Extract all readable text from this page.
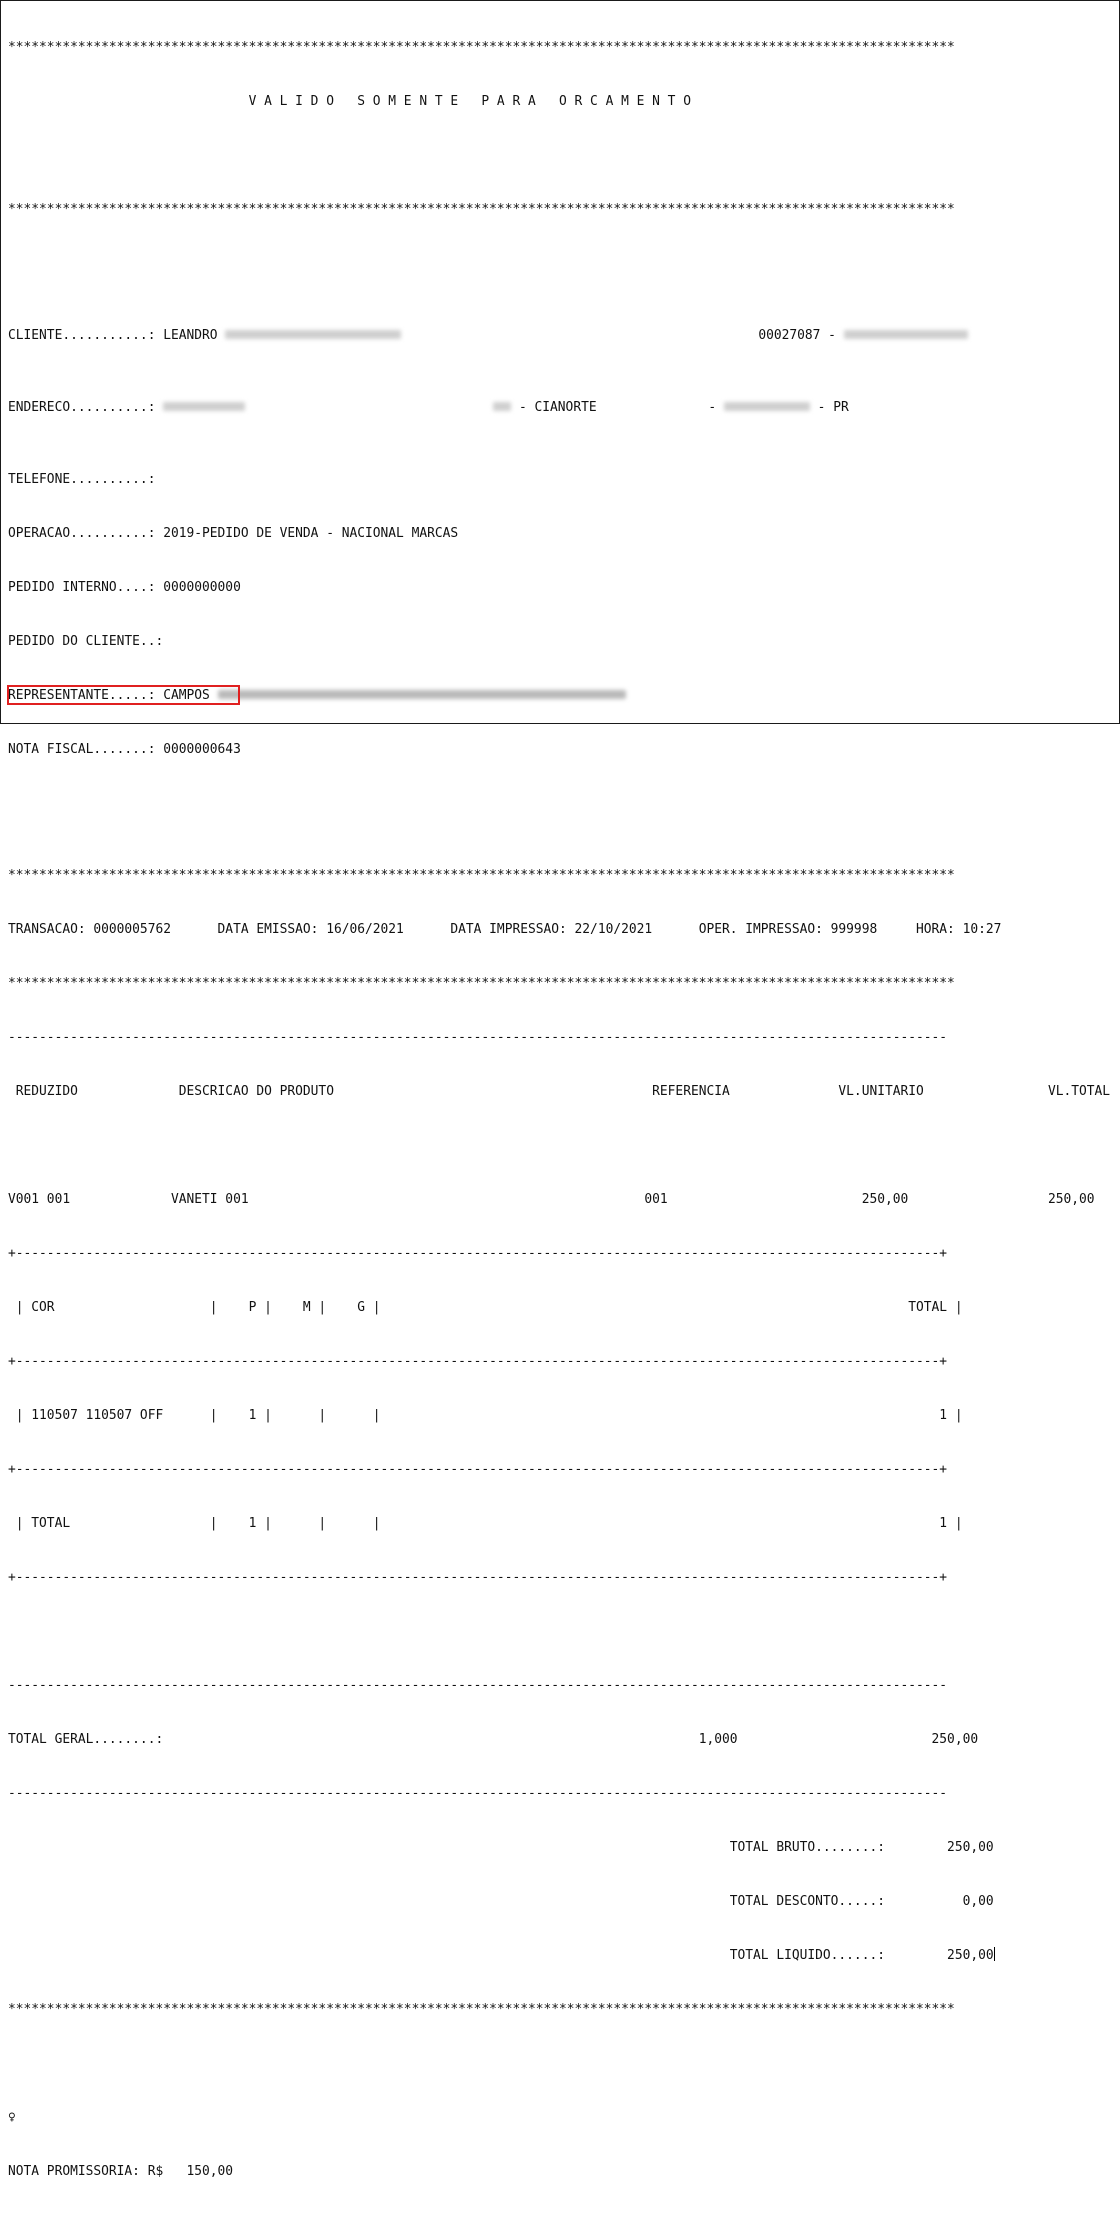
**************************************************************************************************************************

V A L I D O   S O M E N T E   P A R A   O R C A M E N T O

**************************************************************************************************************************

CLIENTE...........: LEANDRO	00027087 -

ENDERECO..........:	- CIANORTE	-	- PR

TELEFONE..........:

OPERACAO..........: 2019-PEDIDO DE VENDA - NACIONAL MARCAS

PEDIDO INTERNO....: 0000000000

PEDIDO DO CLIENTE..:

REPRESENTANTE.....: CAMPOS

NOTA FISCAL.......: 0000000643

**************************************************************************************************************************

TRANSACAO: 0000005762      DATA EMISSAO: 16/06/2021      DATA IMPRESSAO: 22/10/2021      OPER. IMPRESSAO: 999998     HORA: 10:27

**************************************************************************************************************************

-------------------------------------------------------------------------------------------------------------------------

REDUZIDO             DESCRICAO DO PRODUTO                                         REFERENCIA              VL.UNITARIO                VL.TOTAL

V001 001             VANETI 001                                                   001                         250,00                  250,00

+-----------------------------------------------------------------------------------------------------------------------+

| COR                    |    P |    M |    G |                                                                    TOTAL |

+-----------------------------------------------------------------------------------------------------------------------+

| 110507 110507 OFF      |    1 |      |      |                                                                        1 |

+-----------------------------------------------------------------------------------------------------------------------+

| TOTAL                  |    1 |      |      |                                                                        1 |

+-----------------------------------------------------------------------------------------------------------------------+

-------------------------------------------------------------------------------------------------------------------------

TOTAL GERAL........:                                                                     1,000                         250,00

-------------------------------------------------------------------------------------------------------------------------

TOTAL BRUTO........:        250,00

TOTAL DESCONTO.....:          0,00

TOTAL LIQUIDO......:        250,00

**************************************************************************************************************************

♀

NOTA PROMISSORIA: R$   150,00
